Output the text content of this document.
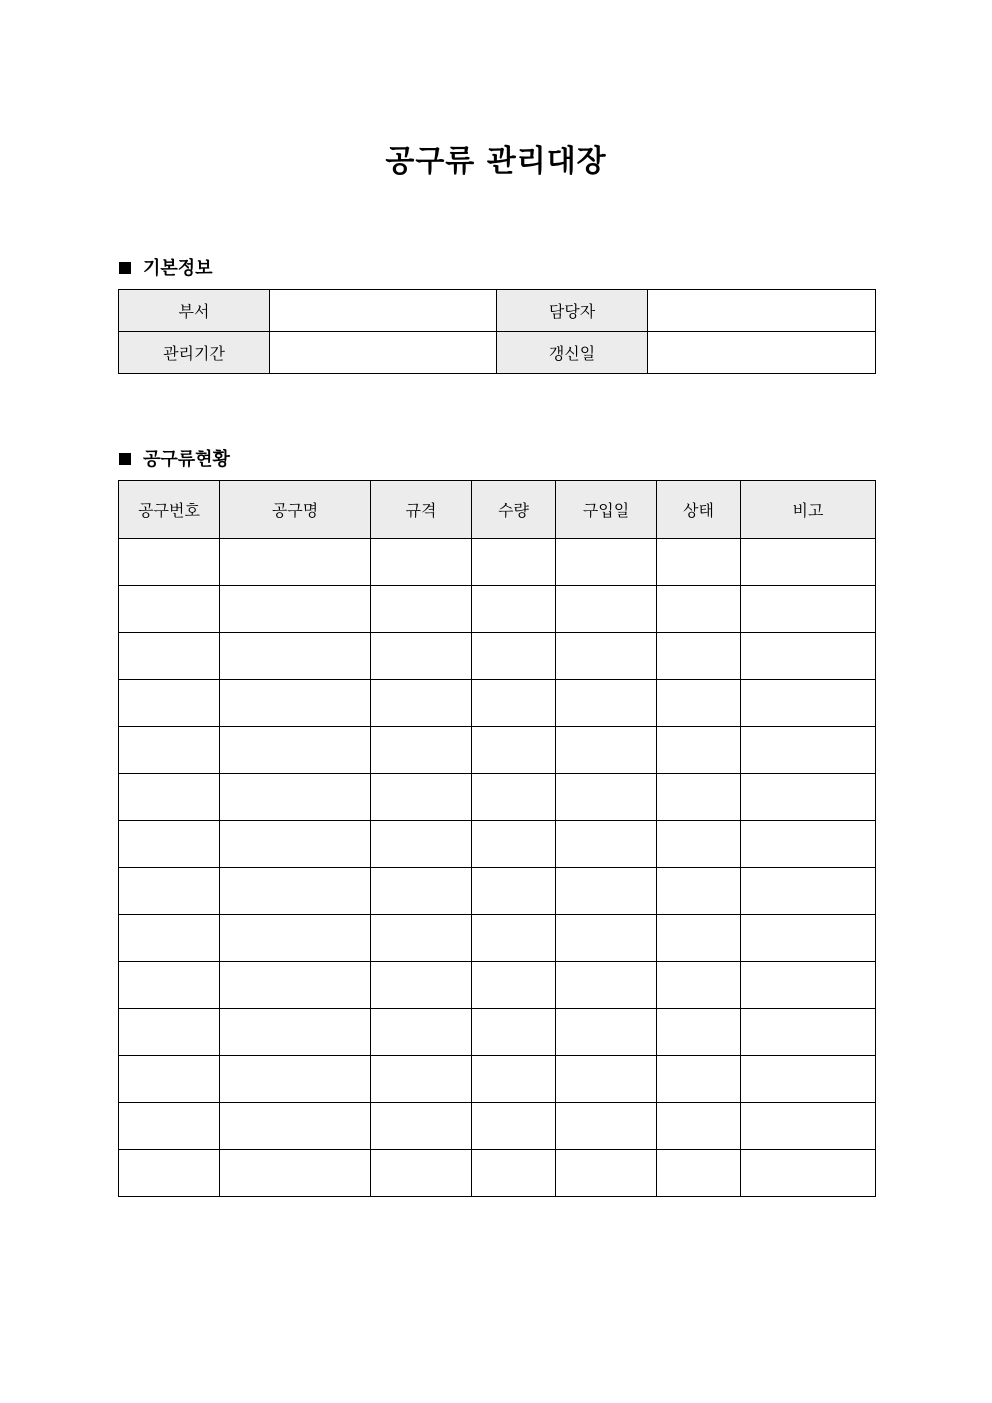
공구류 관리대장
기본정보
부서		담당자	
관리기간		갱신일	
공구류현황
공구번호	공구명	규격	수량	구입일	상태	비고
